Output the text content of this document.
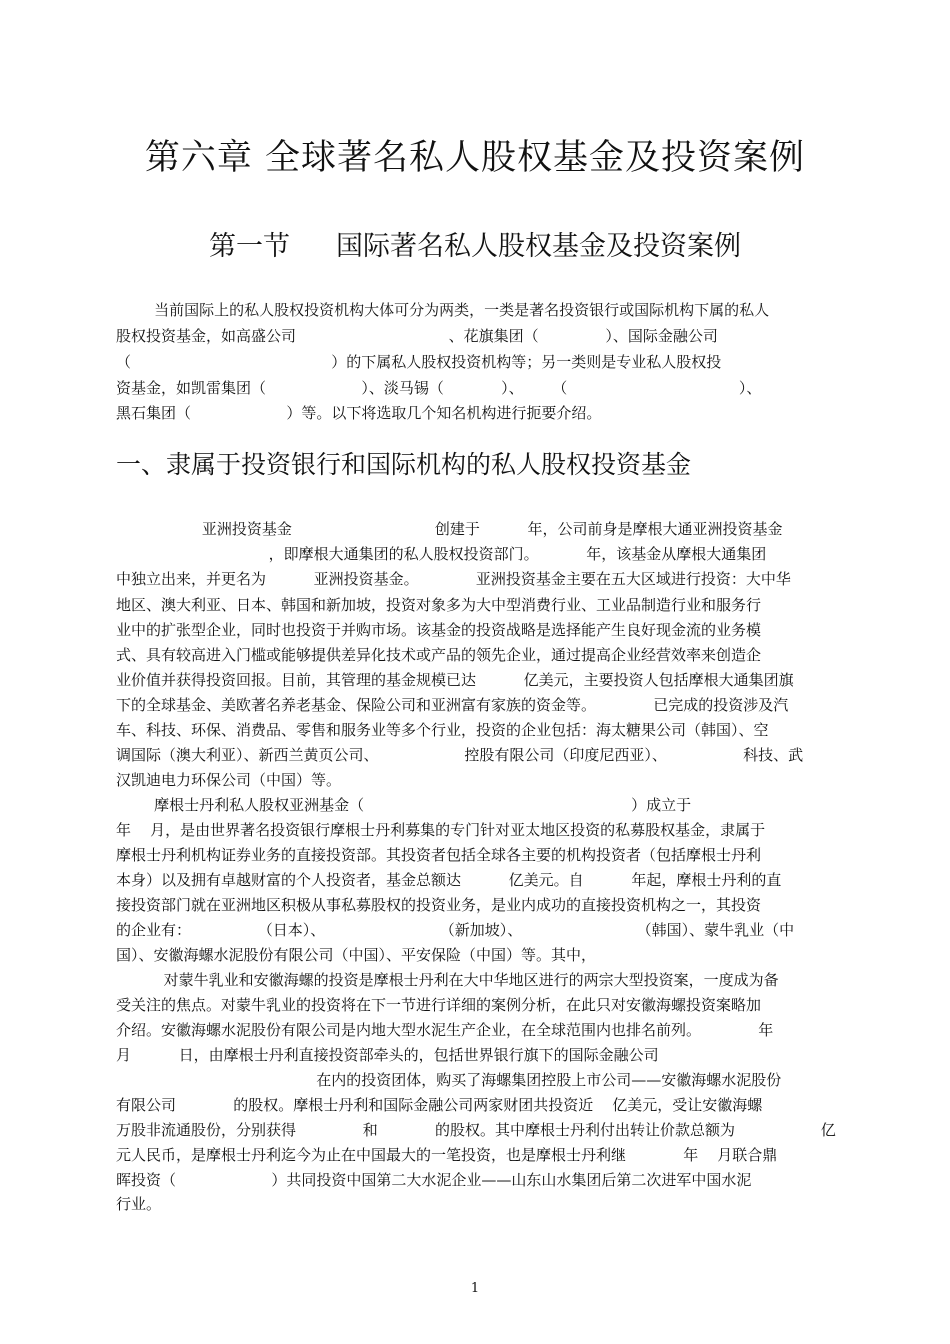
第六章 全球著名私人股权基金及投资案例
第一节 国际著名私人股权基金及投资案例
当前国际上的私人股权投资机构大体可分为两类，一类是著名投资银行或国际机构下属的私人
股权投资基金，如高盛公司                                、花旗集团（              ）、国际金融公司
（                                          ）的下属私人股权投资机构等；另一类则是专业私人股权投
资基金，如凯雷集团（                    ）、淡马锡（            ）、      （                                    ）、
黑石集团（                    ）等。以下将选取几个知名机构进行扼要介绍。
一、隶属于投资银行和国际机构的私人股权投资基金
亚洲投资基金                              创建于          年，公司前身是摩根大通亚洲投资基金
，即摩根大通集团的私人股权投资部门。          年，该基金从摩根大通集团
中独立出来，并更名为          亚洲投资基金。            亚洲投资基金主要在五大区域进行投资：大中华
地区、澳大利亚、日本、韩国和新加坡，投资对象多为大中型消费行业、工业品制造行业和服务行
业中的扩张型企业，同时也投资于并购市场。该基金的投资战略是选择能产生良好现金流的业务模
式、具有较高进入门槛或能够提供差异化技术或产品的领先企业，通过提高企业经营效率来创造企
业价值并获得投资回报。目前，其管理的基金规模已达          亿美元，主要投资人包括摩根大通集团旗
下的全球基金、美欧著名养老基金、保险公司和亚洲富有家族的资金等。            已完成的投资涉及汽
车、科技、环保、消费品、零售和服务业等多个行业，投资的企业包括：海太糖果公司（韩国）、空
调国际（澳大利亚）、新西兰黄页公司、                  控股有限公司（印度尼西亚）、                科技、武
汉凯迪电力环保公司（中国）等。
摩根士丹利私人股权亚洲基金（                                                        ）成立于
年    月，是由世界著名投资银行摩根士丹利募集的专门针对亚太地区投资的私募股权基金，隶属于
摩根士丹利机构证券业务的直接投资部。其投资者包括全球各主要的机构投资者（包括摩根士丹利
本身）以及拥有卓越财富的个人投资者，基金总额达          亿美元。自          年起，摩根士丹利的直
接投资部门就在亚洲地区积极从事私募股权的投资业务，是业内成功的直接投资机构之一，其投资
的企业有：              （日本）、                        （新加坡）、                        （韩国）、蒙牛乳业（中
国）、安徽海螺水泥股份有限公司（中国）、平安保险（中国）等。其中，
对蒙牛乳业和安徽海螺的投资是摩根士丹利在大中华地区进行的两宗大型投资案，一度成为备
受关注的焦点。对蒙牛乳业的投资将在下一节进行详细的案例分析，在此只对安徽海螺投资案略加
介绍。安徽海螺水泥股份有限公司是内地大型水泥生产企业，在全球范围内也排名前列。            年
月          日，由摩根士丹利直接投资部牵头的，包括世界银行旗下的国际金融公司
在内的投资团体，购买了海螺集团控股上市公司——安徽海螺水泥股份
有限公司            的股权。摩根士丹利和国际金融公司两家财团共投资近    亿美元，受让安徽海螺
万股非流通股份，分别获得              和            的股权。其中摩根士丹利付出转让价款总额为                  亿
元人民币，是摩根士丹利迄今为止在中国最大的一笔投资，也是摩根士丹利继            年    月联合鼎
晖投资（                    ）共同投资中国第二大水泥企业——山东山水集团后第二次进军中国水泥
行业。
1
